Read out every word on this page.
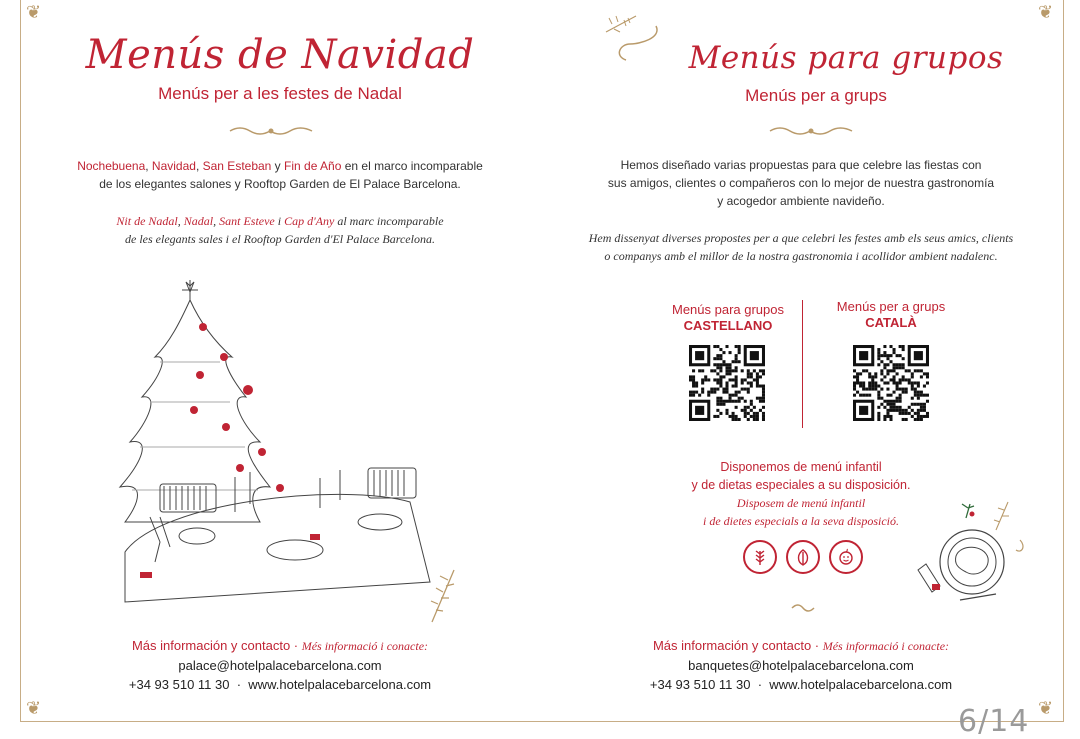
❦	❦
❦	❦
Menús de Navidad
Menús per a les festes de Nadal
Nochebuena, Navidad, San Esteban y Fin de Año en el marco incomparable
de los elegantes salones y Rooftop Garden de El Palace Barcelona.
Nit de Nadal, Nadal, Sant Esteve i Cap d'Any al marc incomparable
de les elegants sales i el Rooftop Garden d'El Palace Barcelona.
Más información y contacto · Més informació i conacte:
palace@hotelpalacebarcelona.com
+34 93 510 11 30 · www.hotelpalacebarcelona.com
Menús para grupos
Menús per a grups
Hemos diseñado varias propuestas para que celebre las fiestas con
sus amigos, clientes o compañeros con lo mejor de nuestra gastronomía
y acogedor ambiente navideño.
Hem dissenyat diverses propostes per a que celebri les festes amb els seus amics, clients
o companys amb el millor de la nostra gastronomia i acollidor ambient nadalenc.
Menús para grupos
CASTELLANO
Menús per a grups
CATALÀ
Disponemos de menú infantil
y de dietas especiales a su disposición.
Disposem de menú infantil
i de dietes especials a la seva disposició.
Más información y contacto · Més informació i conacte:
banquetes@hotelpalacebarcelona.com
+34 93 510 11 30 · www.hotelpalacebarcelona.com
6/14
